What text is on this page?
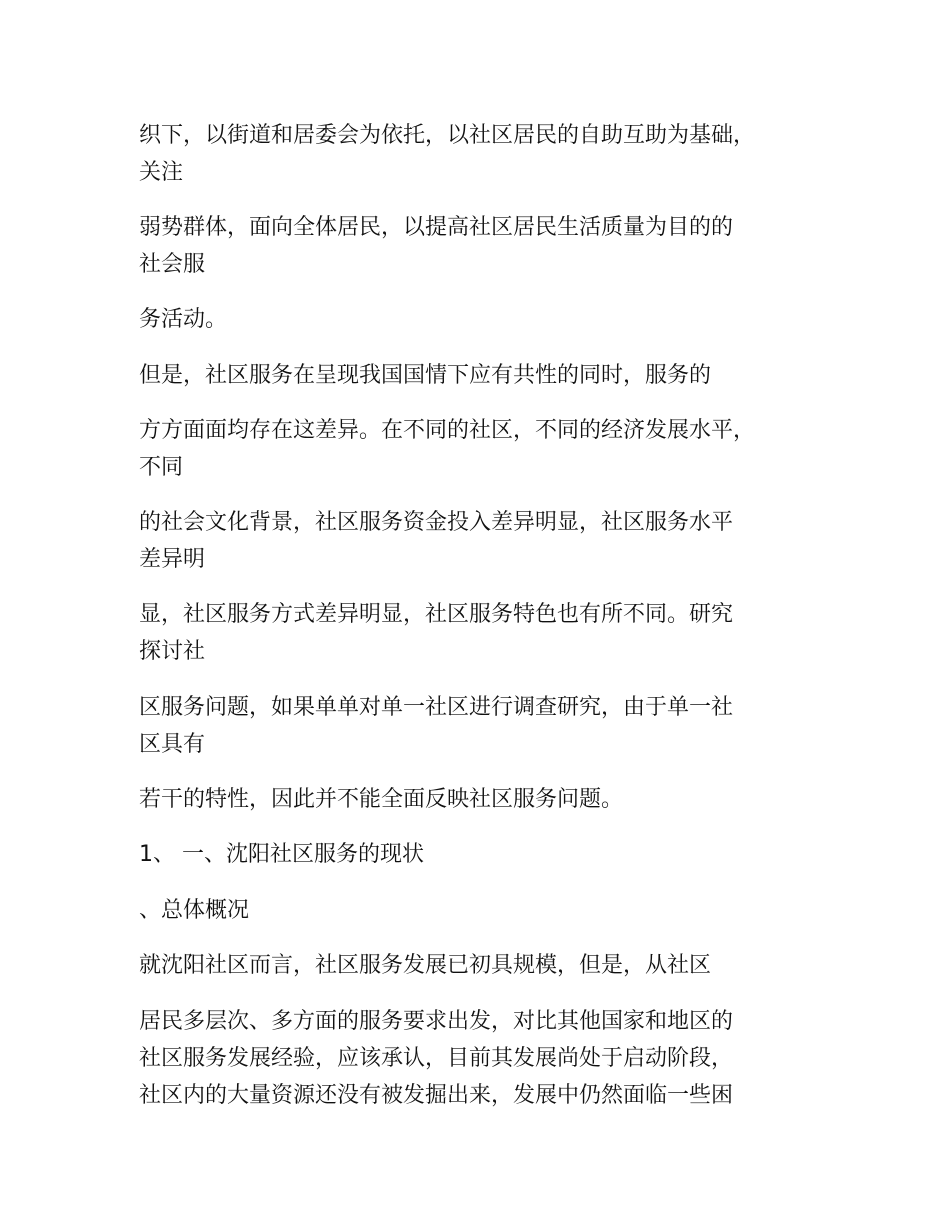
织下，以街道和居委会为依托，以社区居民的自助互助为基础，
关注
弱势群体，面向全体居民，以提高社区居民生活质量为目的的
社会服
务活动。
但是，社区服务在呈现我国国情下应有共性的同时，服务的
方方面面均存在这差异。在不同的社区，不同的经济发展水平，
不同
的社会文化背景，社区服务资金投入差异明显，社区服务水平
差异明
显，社区服务方式差异明显，社区服务特色也有所不同。研究
探讨社
区服务问题，如果单单对单一社区进行调查研究，由于单一社
区具有
若干的特性，因此并不能全面反映社区服务问题。
1、 一、沈阳社区服务的现状
、总体概况
就沈阳社区而言，社区服务发展已初具规模，但是，从社区
居民多层次、多方面的服务要求出发，对比其他国家和地区的
社区服务发展经验，应该承认，目前其发展尚处于启动阶段，
社区内的大量资源还没有被发掘出来，发展中仍然面临一些困
